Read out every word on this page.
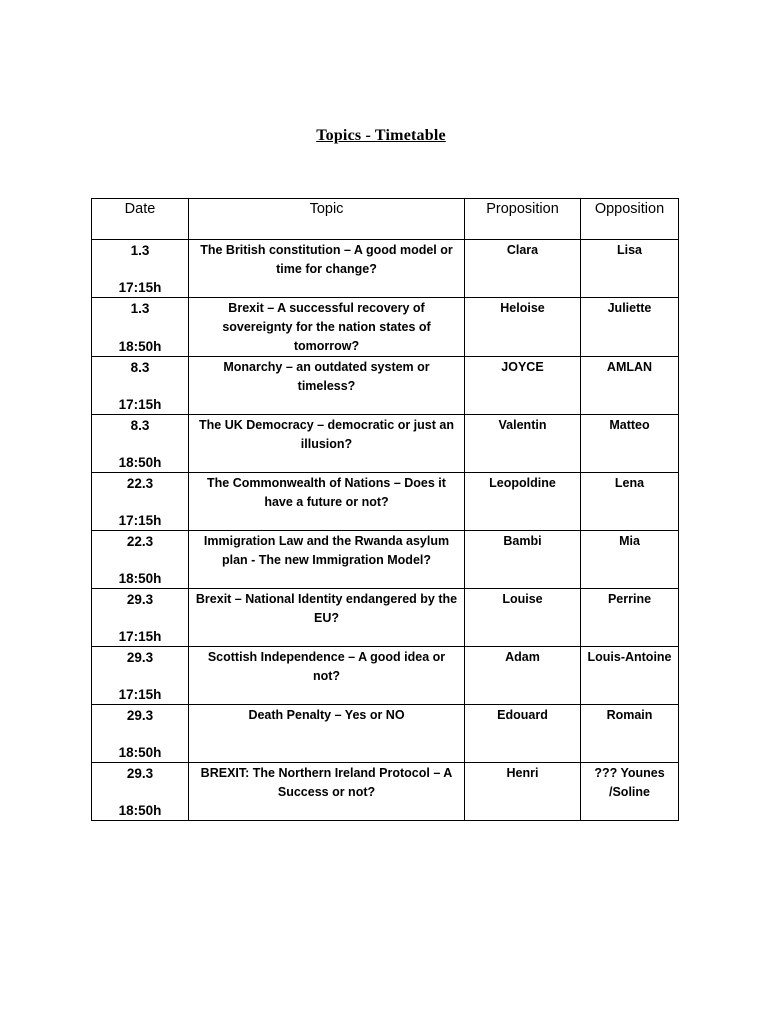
Topics - Timetable
Date	Topic	Proposition	Opposition

1.3
17:15h	The British constitution – A good model or time for change?	Clara	Lisa

1.3
18:50h	Brexit – A successful recovery of sovereignty for the nation states of tomorrow?	Heloise	Juliette

8.3
17:15h	Monarchy – an outdated system or timeless?	JOYCE	AMLAN

8.3
18:50h	The UK Democracy – democratic or just an illusion?	Valentin	Matteo

22.3
17:15h	The Commonwealth of Nations – Does it have a future or not?	Leopoldine	Lena

22.3
18:50h	Immigration Law and the Rwanda asylum plan - The new Immigration Model?	Bambi	Mia

29.3
17:15h	Brexit – National Identity endangered by the EU?	Louise	Perrine

29.3
17:15h	Scottish Independence – A good idea or not?	Adam	Louis-Antoine

29.3
18:50h	Death Penalty – Yes or NO	Edouard	Romain

29.3
18:50h	BREXIT: The Northern Ireland Protocol – A Success or not?	Henri	??? Younes /Soline
